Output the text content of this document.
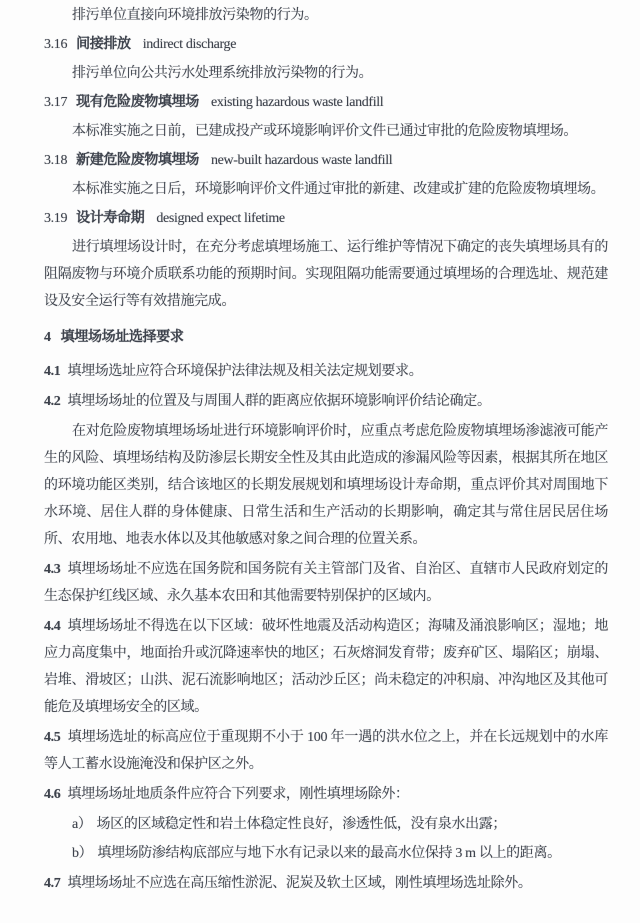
排污单位直接向环境排放污染物的行为。

3.16 间接排放 indirect discharge

排污单位向公共污水处理系统排放污染物的行为。

3.17 现有危险废物填埋场 existing hazardous waste landfill

本标准实施之日前，已建成投产或环境影响评价文件已通过审批的危险废物填埋场。

3.18 新建危险废物填埋场 new-built hazardous waste landfill

本标准实施之日后，环境影响评价文件通过审批的新建、改建或扩建的危险废物填埋场。

3.19 设计寿命期 designed expect lifetime

进行填埋场设计时，在充分考虑填埋场施工、运行维护等情况下确定的丧失填埋场具有的阻隔废物与环境介质联系功能的预期时间。实现阻隔功能需要通过填埋场的合理选址、规范建设及安全运行等有效措施完成。

4 填埋场场址选择要求

4.1 填埋场选址应符合环境保护法律法规及相关法定规划要求。

4.2 填埋场场址的位置及与周围人群的距离应依据环境影响评价结论确定。

在对危险废物填埋场场址进行环境影响评价时，应重点考虑危险废物填埋场渗滤液可能产生的风险、填埋场结构及防渗层长期安全性及其由此造成的渗漏风险等因素，根据其所在地区的环境功能区类别，结合该地区的长期发展规划和填埋场设计寿命期，重点评价其对周围地下水环境、居住人群的身体健康、日常生活和生产活动的长期影响，确定其与常住居民居住场所、农用地、地表水体以及其他敏感对象之间合理的位置关系。

4.3 填埋场场址不应选在国务院和国务院有关主管部门及省、自治区、直辖市人民政府划定的生态保护红线区域、永久基本农田和其他需要特别保护的区域内。

4.4 填埋场场址不得选在以下区域：破坏性地震及活动构造区；海啸及涌浪影响区；湿地；地应力高度集中，地面抬升或沉降速率快的地区；石灰熔洞发育带；废弃矿区、塌陷区；崩塌、岩堆、滑坡区；山洪、泥石流影响地区；活动沙丘区；尚未稳定的冲积扇、冲沟地区及其他可能危及填埋场安全的区域。

4.5 填埋场选址的标高应位于重现期不小于 100 年一遇的洪水位之上，并在长远规划中的水库等人工蓄水设施淹没和保护区之外。

4.6 填埋场场址地质条件应符合下列要求，刚性填埋场除外：

a） 场区的区域稳定性和岩土体稳定性良好，渗透性低，没有泉水出露；

b） 填埋场防渗结构底部应与地下水有记录以来的最高水位保持 3 m 以上的距离。

4.7 填埋场场址不应选在高压缩性淤泥、泥炭及软土区域，刚性填埋场选址除外。
